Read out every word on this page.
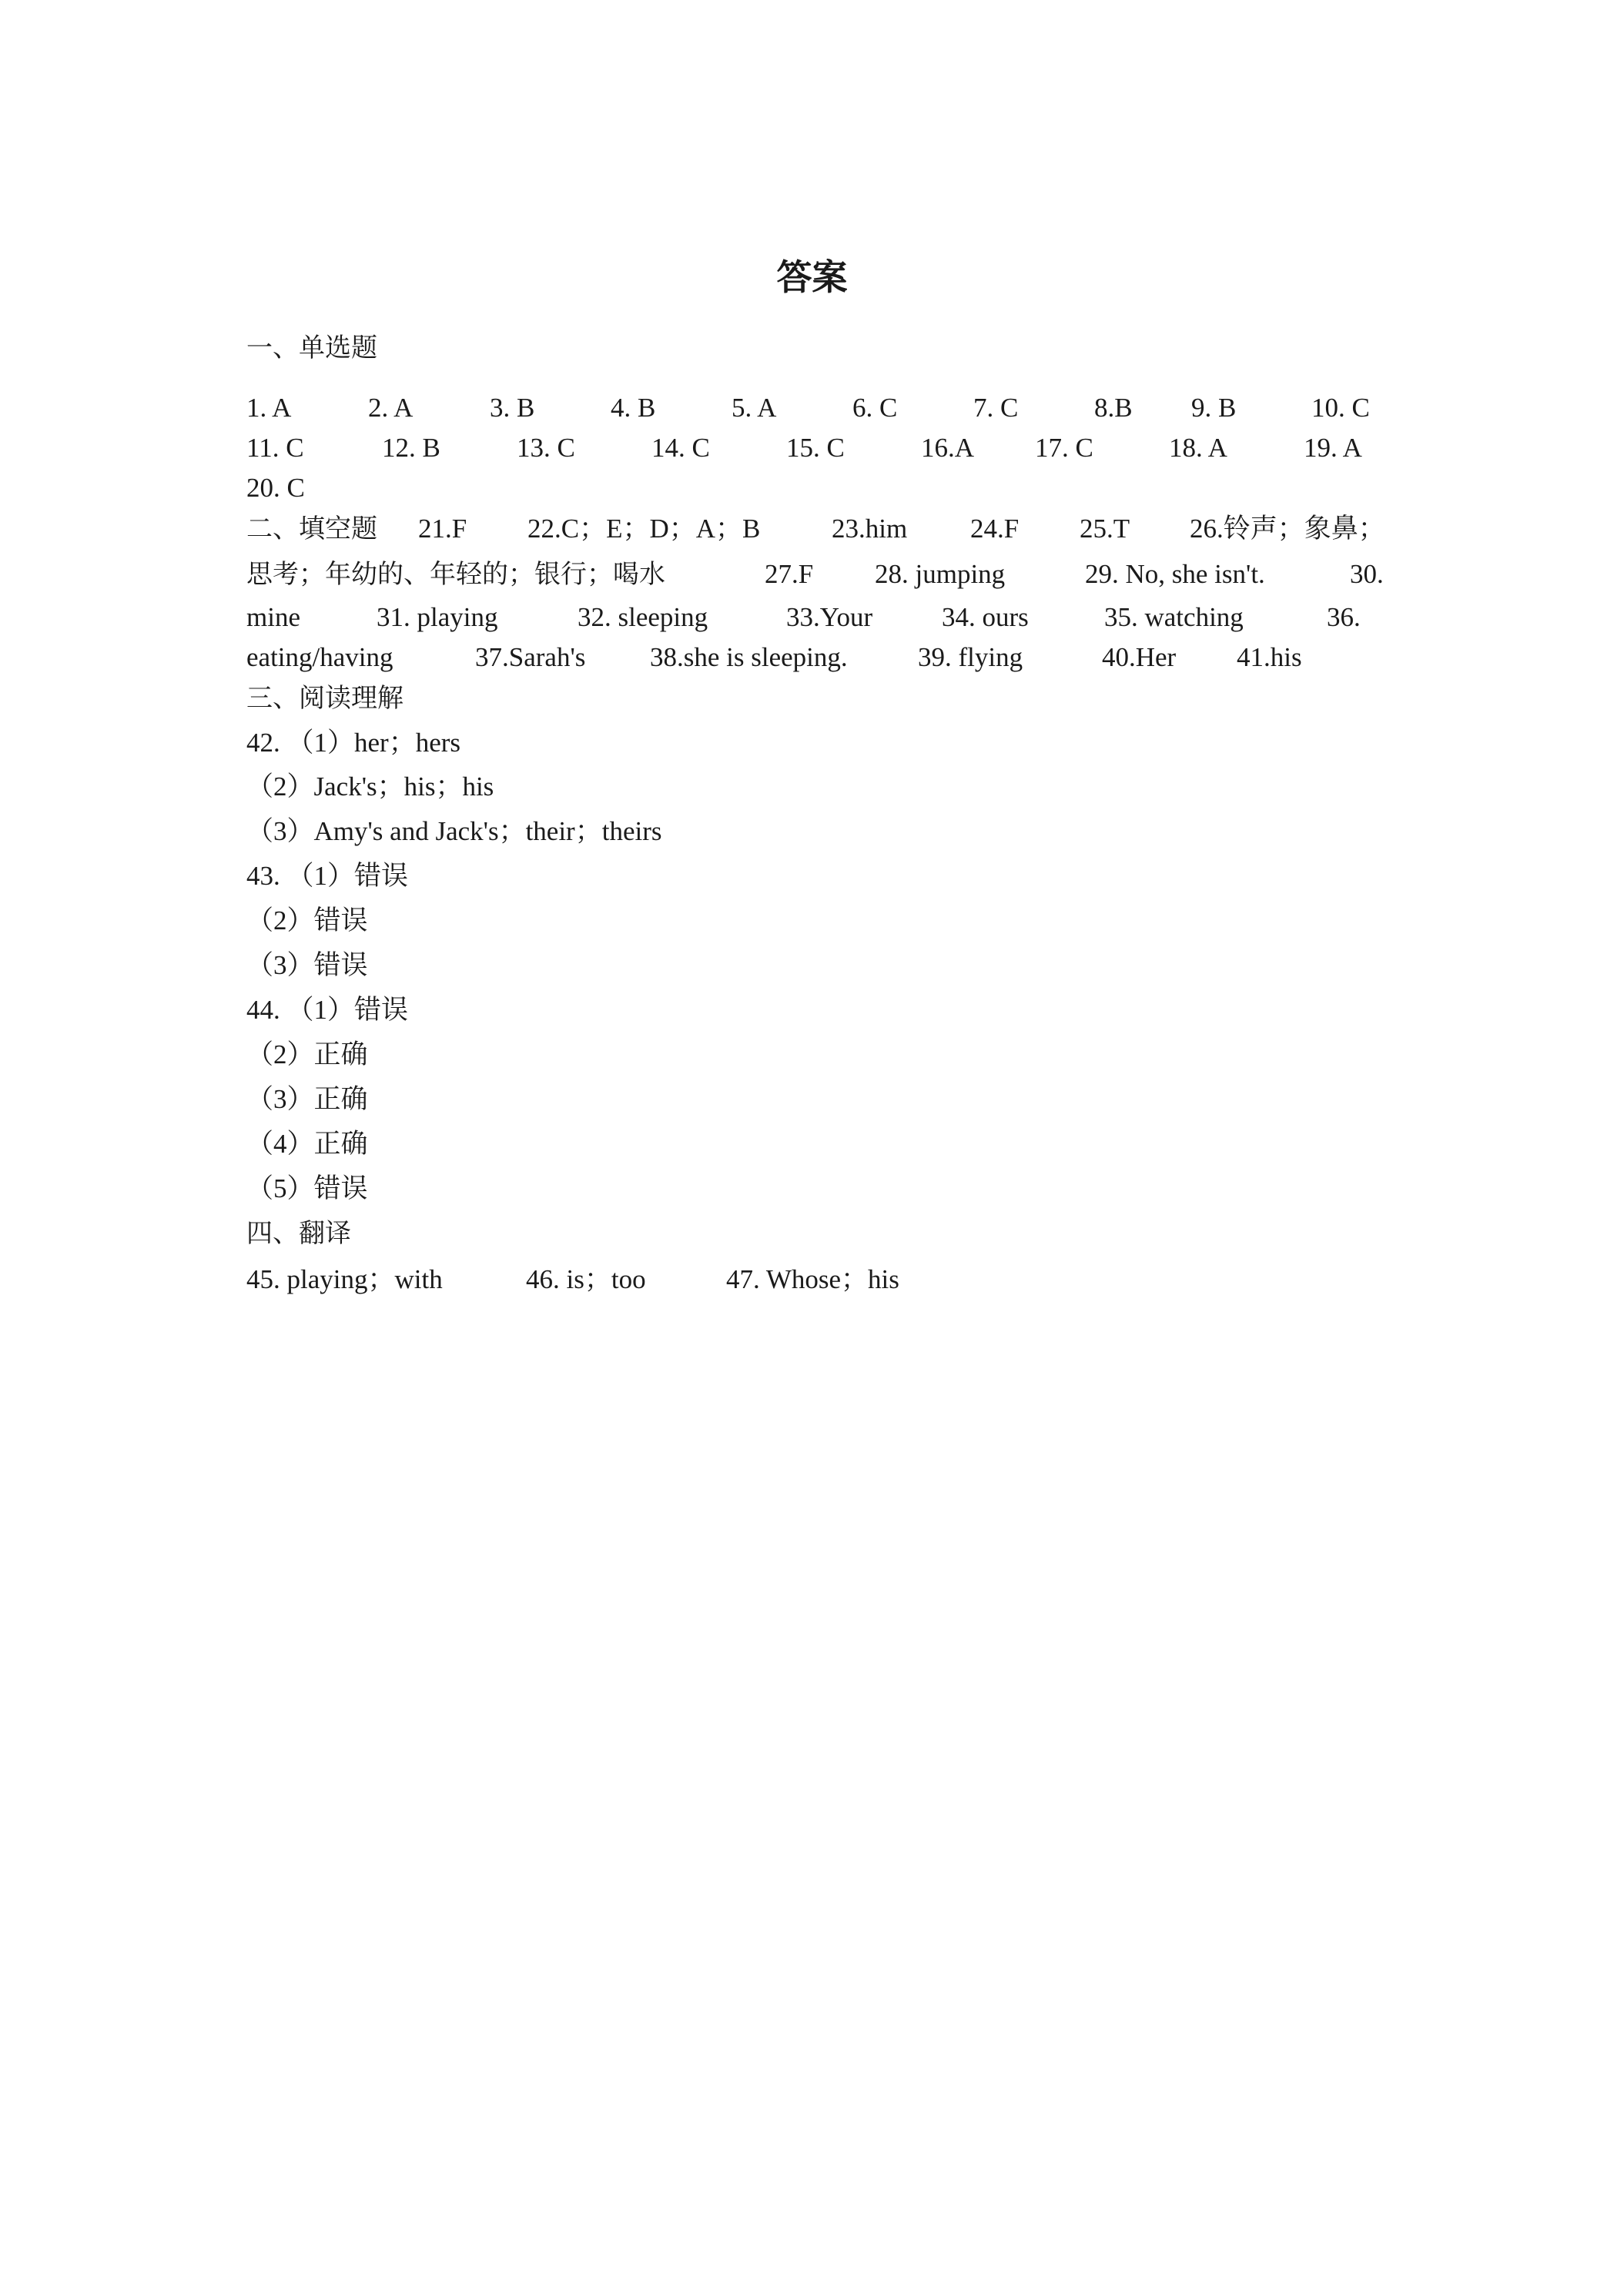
答案
一、单选题
1. A	2. A	3. B	4. B	5. A	6. C	7. C	8.B 9. B	10. C
11. C	12. B	13. C	14. C	15. C	16.A 17. C	18. A	19. A
20. C
二、填空题 21.F 22.C；E；D；A；B	23.him 24.F 25.T 26.铃声；象鼻；
思考；年幼的、年轻的；银行；喝水	27.F 28. jumping	29. No, she isn't.	30.
mine	31. playing	32. sleeping	33.Your	34. ours	35. watching	36.
eating/having	37.Sarah's 38.she is sleeping.	39. flying	40.Her 41.his
三、阅读理解
42. （1）her；hers
（2）Jack's；his；his
（3）Amy's and Jack's；their；theirs
43. （1）错误
（2）错误
（3）错误
44. （1）错误
（2）正确
（3）正确
（4）正确
（5）错误
四、翻译
45. playing；with	46. is；too	47. Whose；his
